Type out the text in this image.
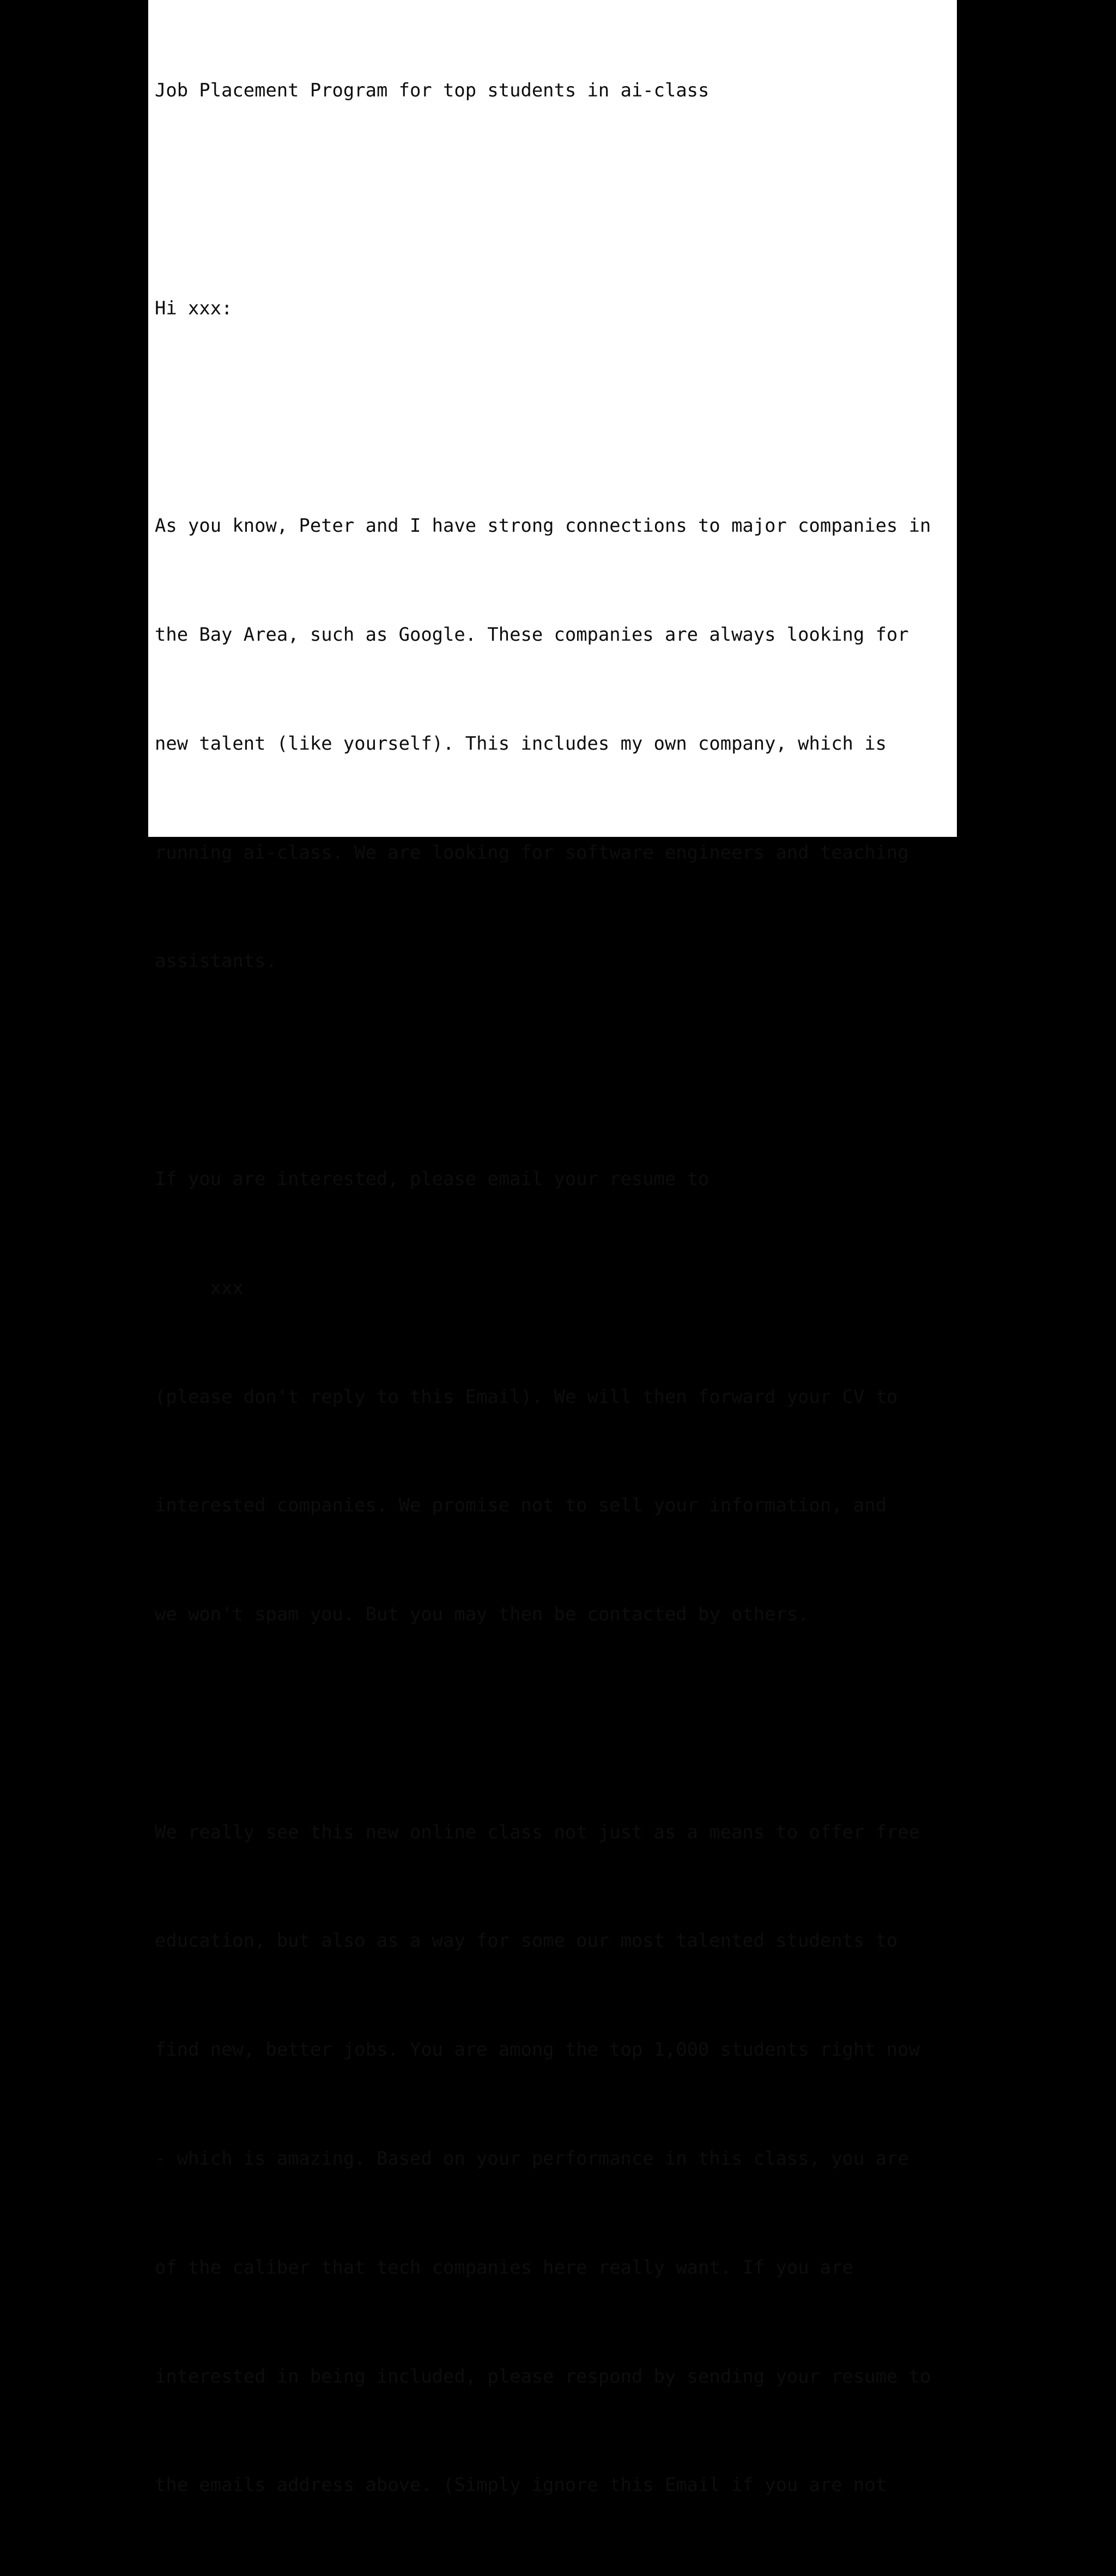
Job Placement Program for top students in ai-class

Hi xxx:

As you know, Peter and I have strong connections to major companies in

the Bay Area, such as Google. These companies are always looking for

new talent (like yourself). This includes my own company, which is

running ai-class. We are looking for software engineers and teaching

assistants.

If you are interested, please email your resume to

xxx

(please don't reply to this Email). We will then forward your CV to

interested companies. We promise not to sell your information, and

we won't spam you. But you may then be contacted by others.

We really see this new online class not just as a means to offer free

education, but also as a way for some our most talented students to

find new, better jobs. You are among the top 1,000 students right now

- which is amazing. Based on your performance in this class, you are

of the caliber that tech companies here really want. If you are

interested in being included, please respond by sending your resume to

the emails address above. (Simply ignore this Email if you are not
